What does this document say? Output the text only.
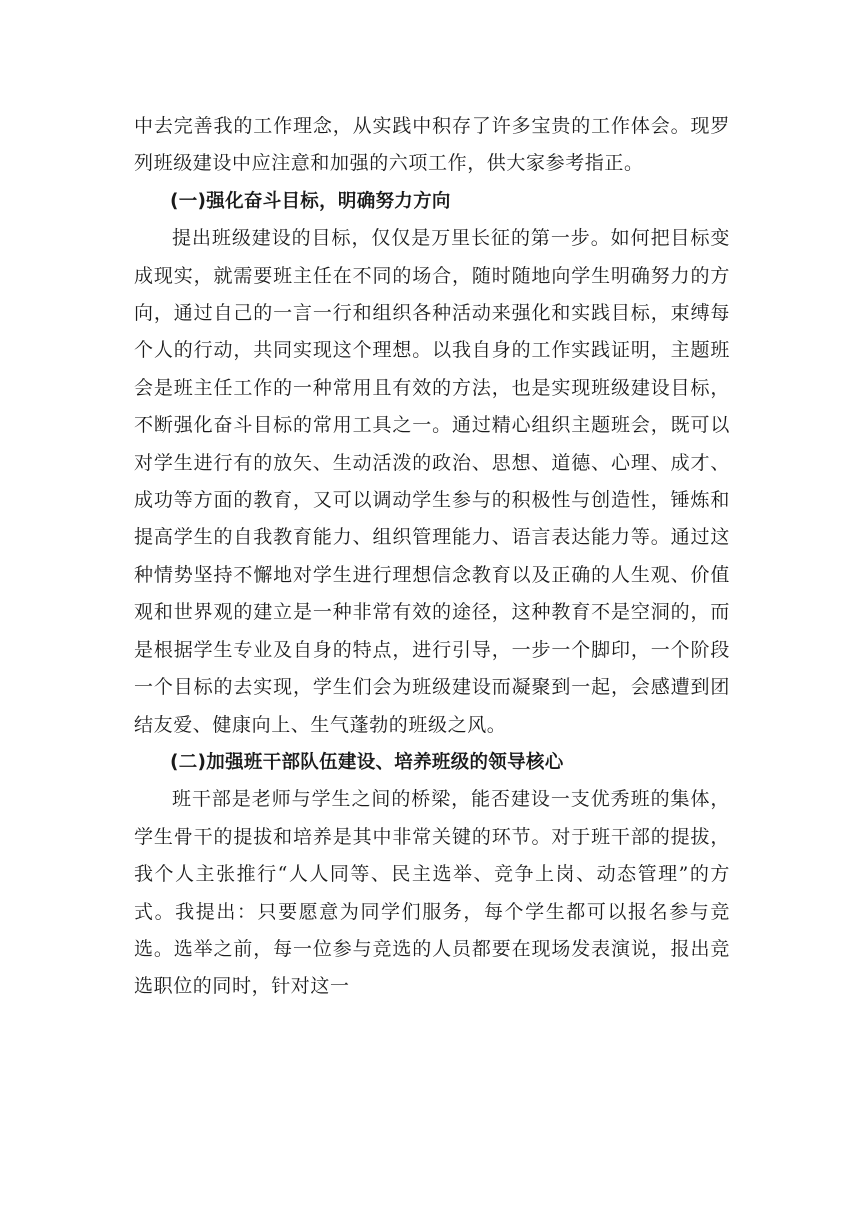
中去完善我的工作理念，从实践中积存了许多宝贵的工作体会。现罗列班级建设中应注意和加强的六项工作，供大家参考指正。

(一)强化奋斗目标，明确努力方向

提出班级建设的目标，仅仅是万里长征的第一步。如何把目标变成现实，就需要班主任在不同的场合，随时随地向学生明确努力的方向，通过自己的一言一行和组织各种活动来强化和实践目标，束缚每个人的行动，共同实现这个理想。以我自身的工作实践证明，主题班会是班主任工作的一种常用且有效的方法，也是实现班级建设目标，不断强化奋斗目标的常用工具之一。通过精心组织主题班会，既可以对学生进行有的放矢、生动活泼的政治、思想、道德、心理、成才、成功等方面的教育，又可以调动学生参与的积极性与创造性，锤炼和提高学生的自我教育能力、组织管理能力、语言表达能力等。通过这种情势坚持不懈地对学生进行理想信念教育以及正确的人生观、价值观和世界观的建立是一种非常有效的途径，这种教育不是空洞的，而是根据学生专业及自身的特点，进行引导，一步一个脚印，一个阶段一个目标的去实现，学生们会为班级建设而凝聚到一起，会感遭到团结友爱、健康向上、生气蓬勃的班级之风。

(二)加强班干部队伍建设、培养班级的领导核心

班干部是老师与学生之间的桥梁，能否建设一支优秀班的集体，学生骨干的提拔和培养是其中非常关键的环节。对于班干部的提拔，我个人主张推行“人人同等、民主选举、竞争上岗、动态管理”的方式。我提出：只要愿意为同学们服务，每个学生都可以报名参与竞选。选举之前，每一位参与竞选的人员都要在现场发表演说，报出竞选职位的同时，针对这一
